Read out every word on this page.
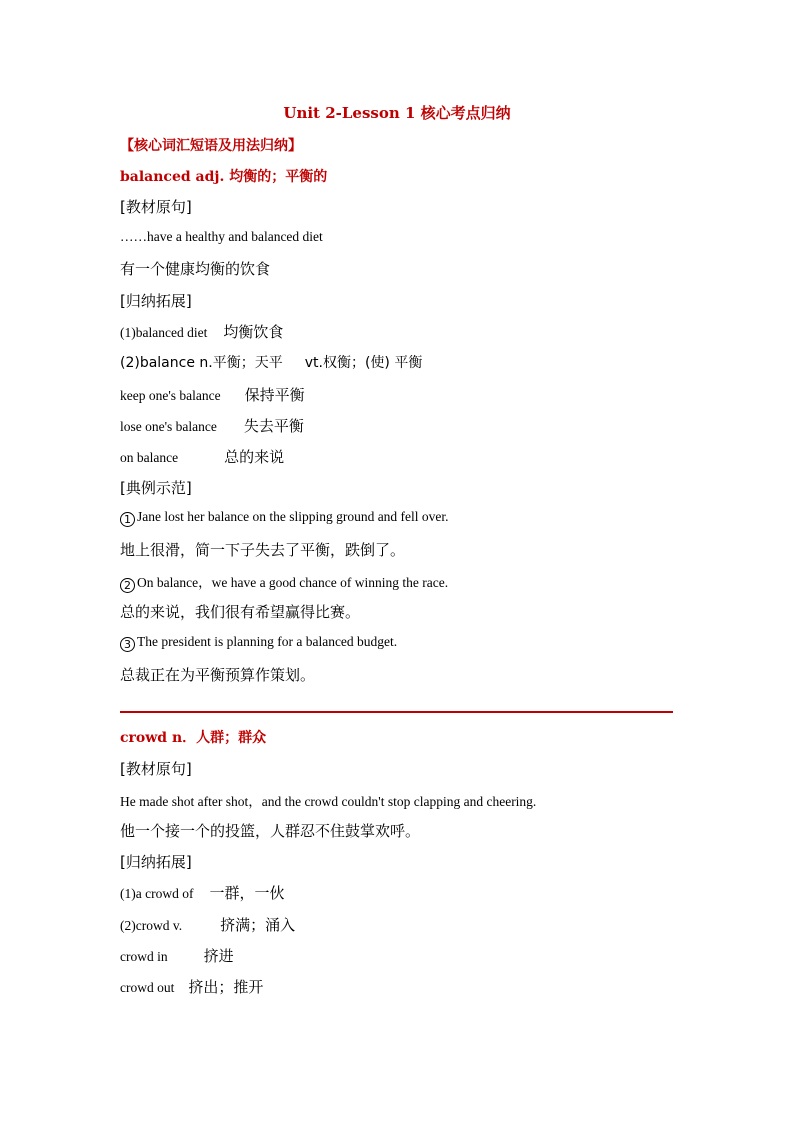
Unit 2-Lesson 1 核心考点归纳
【核心词汇短语及用法归纳】
balanced adj. 均衡的；平衡的
[教材原句]
……have a healthy and balanced diet
有一个健康均衡的饮食
[归纳拓展]
(1)balanced diet 均衡饮食
(2)balance n.平衡；天平 vt.权衡；(使) 平衡
keep one's balance 保持平衡
lose one's balance 失去平衡
on balance	总的来说
[典例示范]
1 Jane lost her balance on the slipping ground and fell over.
地上很滑，简一下子失去了平衡，跌倒了。
2 On balance，we have a good chance of winning the race.
总的来说，我们很有希望赢得比赛。
3 The president is planning for a balanced budget.
总裁正在为平衡预算作策划。
crowd n．人群；群众
[教材原句]
He made shot after shot，and the crowd couldn't stop clapping and cheering.
他一个接一个的投篮，人群忍不住鼓掌欢呼。
[归纳拓展]
(1)a crowd of 一群，一伙
(2)crowd v.	挤满；涌入
crowd in 挤进
crowd out 挤出；推开
